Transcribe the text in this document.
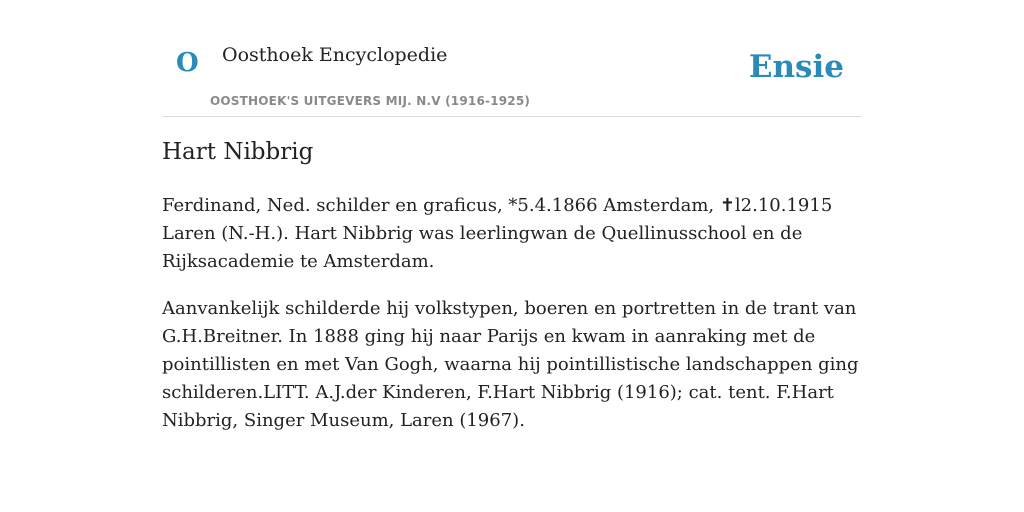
O Oosthoek Encyclopedie
OOSTHOEK'S UITGEVERS MIJ. N.V (1916-1925)
Ensie
Hart Nibbrig

Ferdinand, Ned. schilder en graficus, *5.4.1866 Amsterdam, ✝l2.10.1915 Laren (N.-H.). Hart Nibbrig was leerlingwan de Quellinusschool en de Rijksacademie te Amsterdam.

Aanvankelijk schilderde hij volkstypen, boeren en portretten in de trant van G.H.Breitner. In 1888 ging hij naar Parijs en kwam in aanraking met de pointillisten en met Van Gogh, waarna hij pointillistische landschappen ging schilderen.LITT. A.J.der Kinderen, F.Hart Nibbrig (1916); cat. tent. F.Hart Nibbrig, Singer Museum, Laren (1967).
